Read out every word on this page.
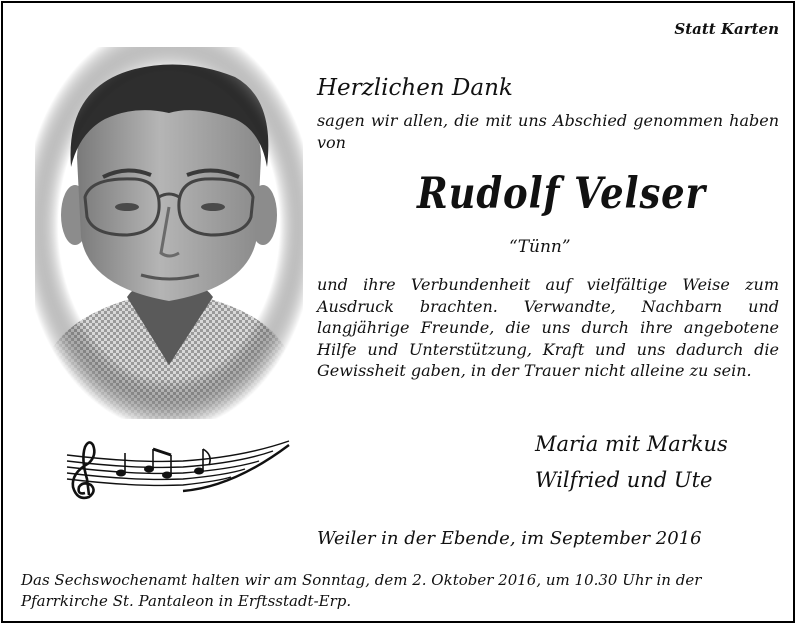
Statt Karten
Herzlichen Dank
sagen wir allen, die mit uns Abschied genommen haben von
Rudolf Velser
“Tünn”
und ihre Verbundenheit auf vielfältige Weise zum Ausdruck brachten. Verwandte, Nachbarn und langjährige Freunde, die uns durch ihre angebotene Hilfe und Unterstützung, Kraft und uns dadurch die Gewissheit gaben, in der Trauer nicht alleine zu sein.
Maria mit Markus
Wilfried und Ute
Weiler in der Ebende, im September 2016
Das Sechswochenamt halten wir am Sonntag, dem 2. Oktober 2016, um 10.30 Uhr in der Pfarrkirche St. Pantaleon in Erftsstadt-Erp.
